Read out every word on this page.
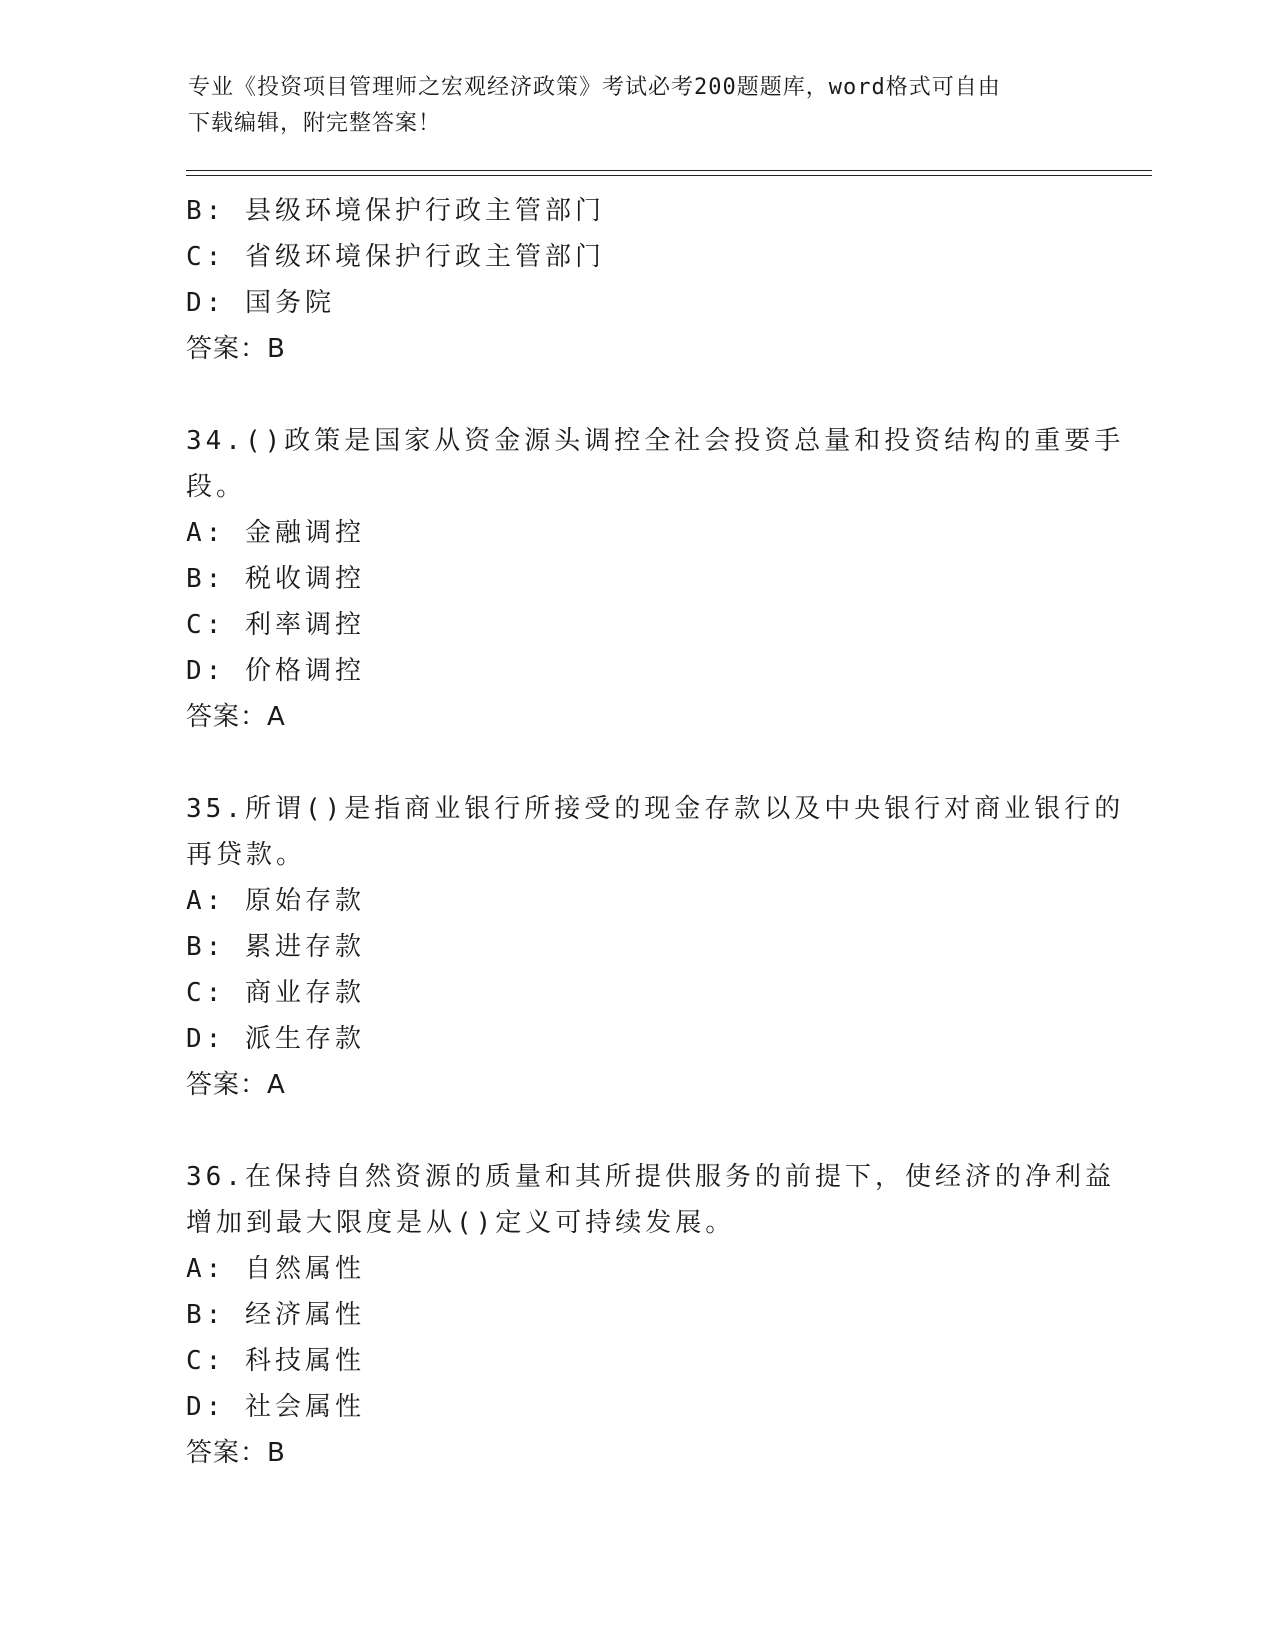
专业《投资项目管理师之宏观经济政策》考试必考200题题库，word格式可自由
下载编辑，附完整答案！
B: 县级环境保护行政主管部门
C: 省级环境保护行政主管部门
D: 国务院
答案：B
34.()政策是国家从资金源头调控全社会投资总量和投资结构的重要手
段。
A: 金融调控
B: 税收调控
C: 利率调控
D: 价格调控
答案：A
35.所谓()是指商业银行所接受的现金存款以及中央银行对商业银行的
再贷款。
A: 原始存款
B: 累进存款
C: 商业存款
D: 派生存款
答案：A
36.在保持自然资源的质量和其所提供服务的前提下，使经济的净利益
增加到最大限度是从()定义可持续发展。
A: 自然属性
B: 经济属性
C: 科技属性
D: 社会属性
答案：B
